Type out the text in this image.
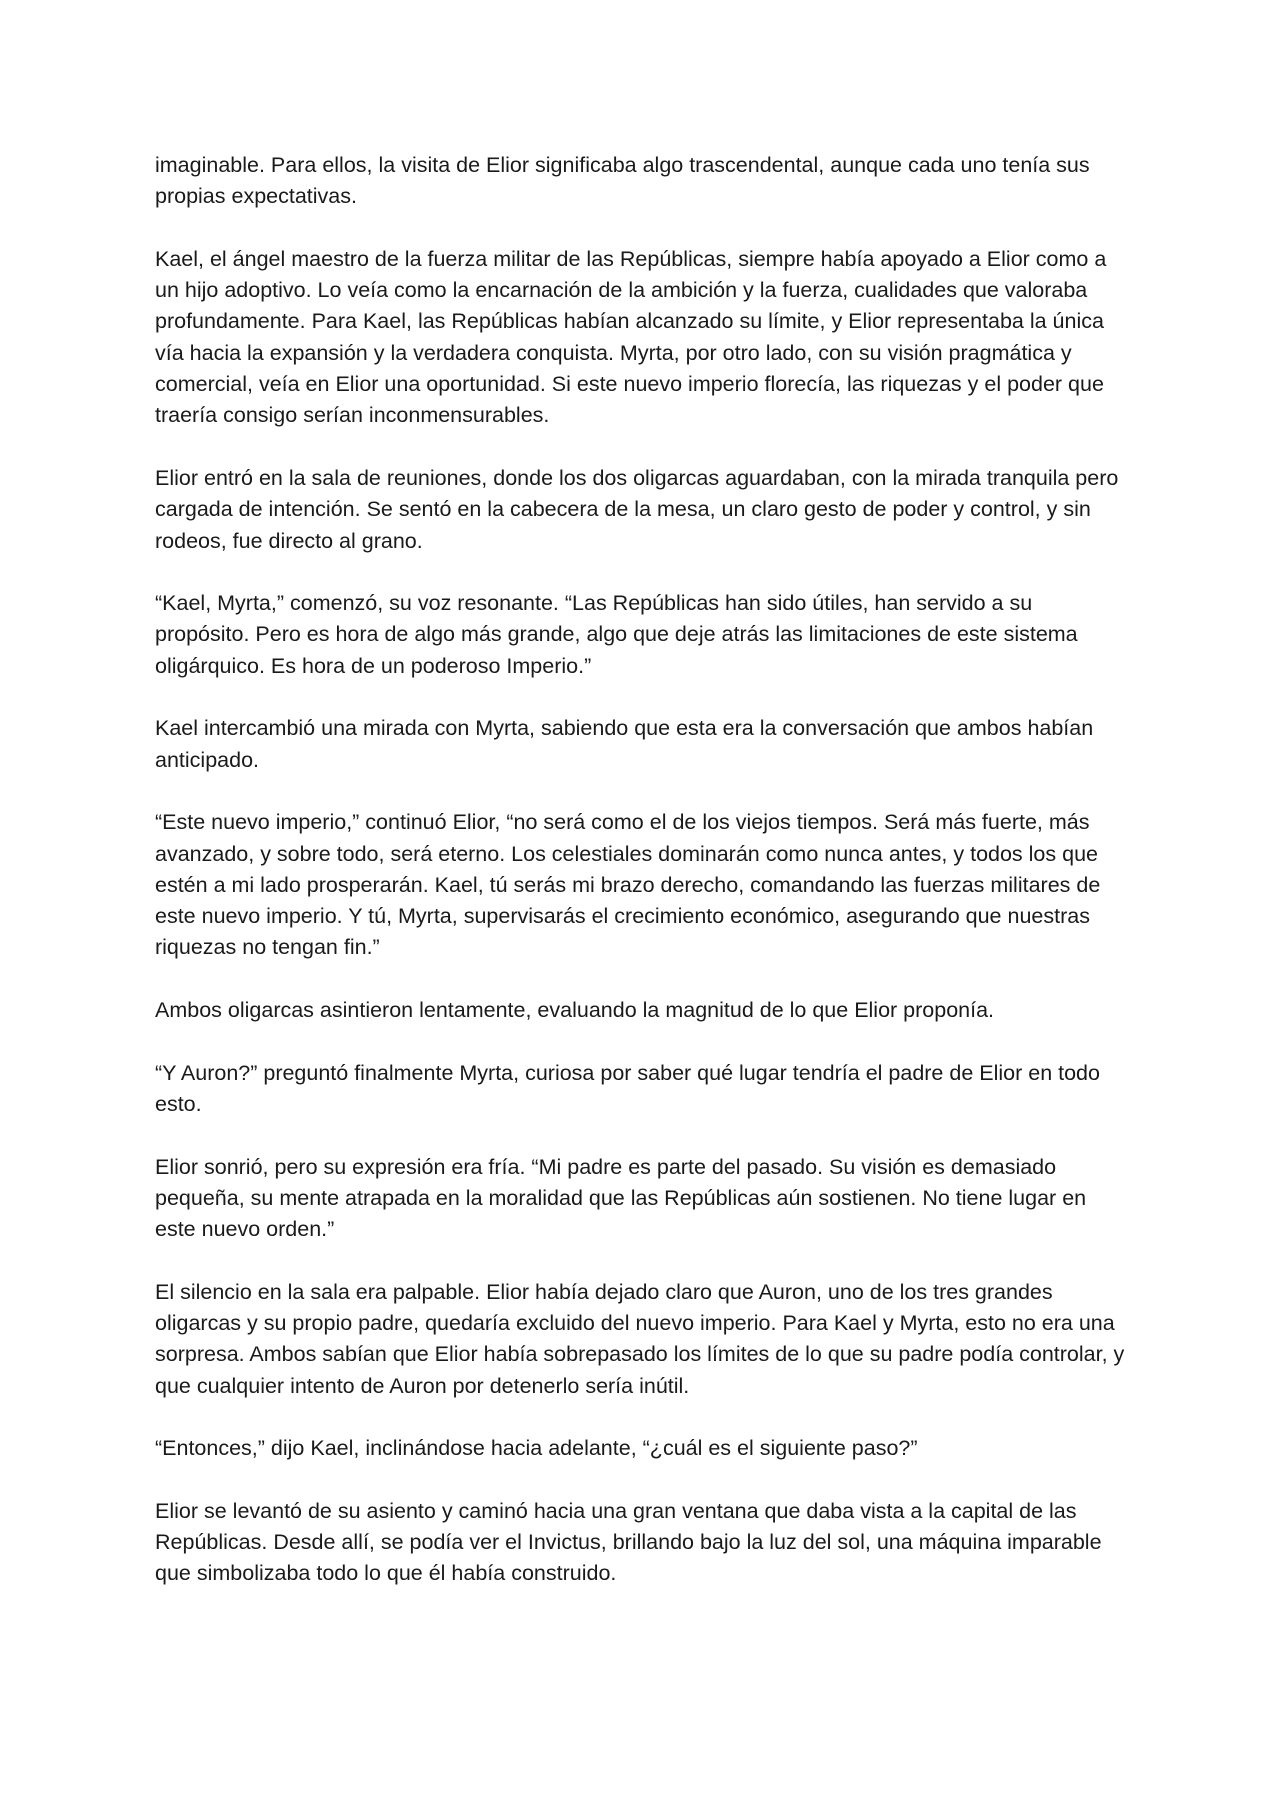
imaginable. Para ellos, la visita de Elior significaba algo trascendental, aunque cada uno tenía sus propias expectativas.

Kael, el ángel maestro de la fuerza militar de las Repúblicas, siempre había apoyado a Elior como a un hijo adoptivo. Lo veía como la encarnación de la ambición y la fuerza, cualidades que valoraba profundamente. Para Kael, las Repúblicas habían alcanzado su límite, y Elior representaba la única vía hacia la expansión y la verdadera conquista. Myrta, por otro lado, con su visión pragmática y comercial, veía en Elior una oportunidad. Si este nuevo imperio florecía, las riquezas y el poder que traería consigo serían inconmensurables.

Elior entró en la sala de reuniones, donde los dos oligarcas aguardaban, con la mirada tranquila pero cargada de intención. Se sentó en la cabecera de la mesa, un claro gesto de poder y control, y sin rodeos, fue directo al grano.

“Kael, Myrta,” comenzó, su voz resonante. “Las Repúblicas han sido útiles, han servido a su propósito. Pero es hora de algo más grande, algo que deje atrás las limitaciones de este sistema oligárquico. Es hora de un poderoso Imperio.”

Kael intercambió una mirada con Myrta, sabiendo que esta era la conversación que ambos habían anticipado.

“Este nuevo imperio,” continuó Elior, “no será como el de los viejos tiempos. Será más fuerte, más avanzado, y sobre todo, será eterno. Los celestiales dominarán como nunca antes, y todos los que estén a mi lado prosperarán. Kael, tú serás mi brazo derecho, comandando las fuerzas militares de este nuevo imperio. Y tú, Myrta, supervisarás el crecimiento económico, asegurando que nuestras riquezas no tengan fin.”

Ambos oligarcas asintieron lentamente, evaluando la magnitud de lo que Elior proponía.

“Y Auron?” preguntó finalmente Myrta, curiosa por saber qué lugar tendría el padre de Elior en todo esto.

Elior sonrió, pero su expresión era fría. “Mi padre es parte del pasado. Su visión es demasiado pequeña, su mente atrapada en la moralidad que las Repúblicas aún sostienen. No tiene lugar en este nuevo orden.”

El silencio en la sala era palpable. Elior había dejado claro que Auron, uno de los tres grandes oligarcas y su propio padre, quedaría excluido del nuevo imperio. Para Kael y Myrta, esto no era una sorpresa. Ambos sabían que Elior había sobrepasado los límites de lo que su padre podía controlar, y que cualquier intento de Auron por detenerlo sería inútil.

“Entonces,” dijo Kael, inclinándose hacia adelante, “¿cuál es el siguiente paso?”

Elior se levantó de su asiento y caminó hacia una gran ventana que daba vista a la capital de las Repúblicas. Desde allí, se podía ver el Invictus, brillando bajo la luz del sol, una máquina imparable que simbolizaba todo lo que él había construido.
